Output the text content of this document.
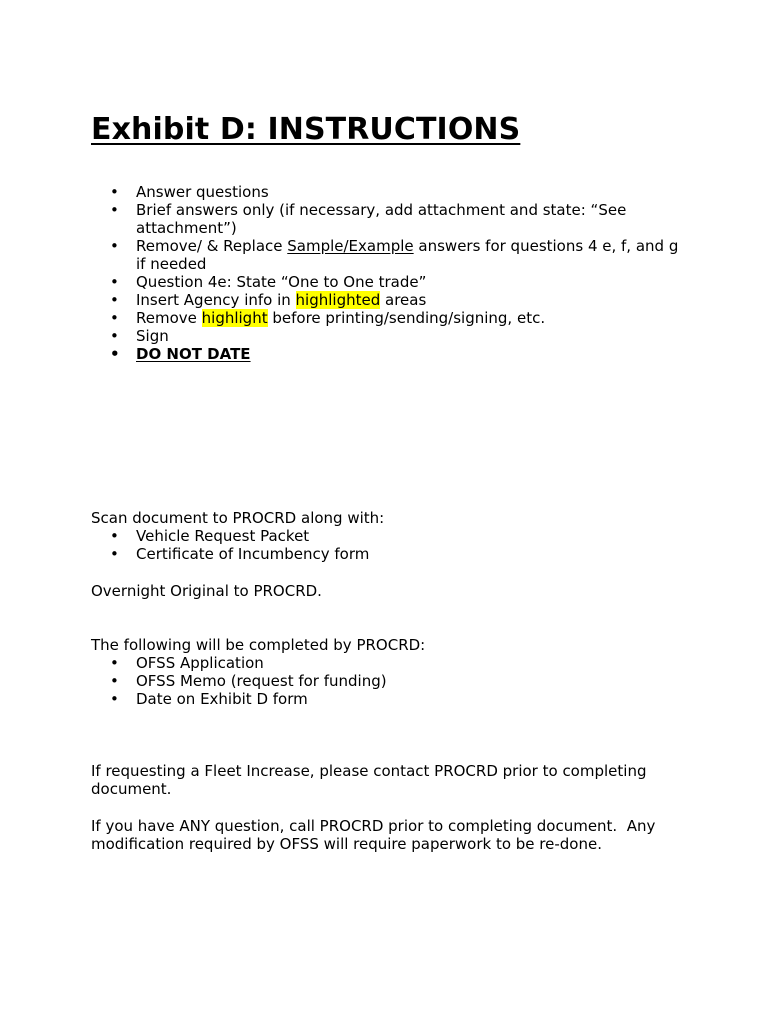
Exhibit D: INSTRUCTIONS
• Answer questions
• Brief answers only (if necessary, add attachment and state: “See attachment”)
• Remove/ & Replace Sample/Example answers for questions 4 e, f, and g if needed
• Question 4e: State “One to One trade”
• Insert Agency info in highlighted areas
• Remove highlight before printing/sending/signing, etc.
• Sign
• DO NOT DATE

Scan document to PROCRD along with:

• Vehicle Request Packet
• Certificate of Incumbency form

Overnight Original to PROCRD.

The following will be completed by PROCRD:

• OFSS Application
• OFSS Memo (request for funding)
• Date on Exhibit D form

If requesting a Fleet Increase, please contact PROCRD prior to completing document.

If you have ANY question, call PROCRD prior to completing document.  Any modification required by OFSS will require paperwork to be re-done.
